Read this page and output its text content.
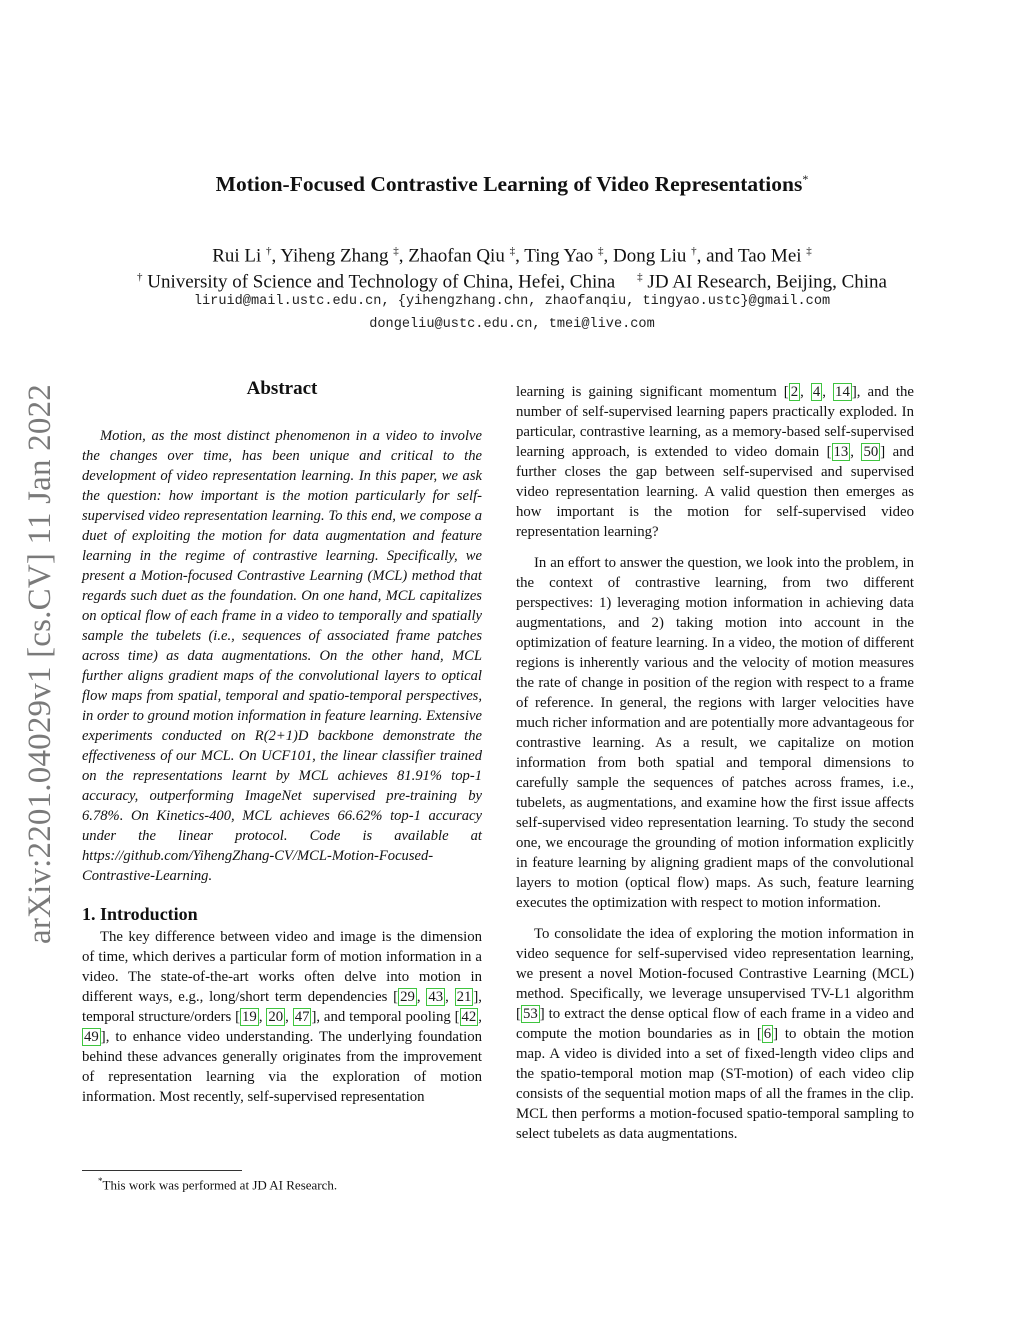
arXiv:2201.04029v1 [cs.CV] 11 Jan 2022
Motion-Focused Contrastive Learning of Video Representations*
Rui Li †, Yiheng Zhang ‡, Zhaofan Qiu ‡, Ting Yao ‡, Dong Liu †, and Tao Mei ‡
† University of Science and Technology of China, Hefei, China ‡ JD AI Research, Beijing, China
liruid@mail.ustc.edu.cn, {yihengzhang.chn, zhaofanqiu, tingyao.ustc}@gmail.com
dongeliu@ustc.edu.cn, tmei@live.com
Abstract

Motion, as the most distinct phenomenon in a video to involve the changes over time, has been unique and critical to the development of video representation learning. In this paper, we ask the question: how important is the motion particularly for self-supervised video representation learning. To this end, we compose a duet of exploiting the motion for data augmentation and feature learning in the regime of contrastive learning. Specifically, we present a Motion-focused Contrastive Learning (MCL) method that regards such duet as the foundation. On one hand, MCL capitalizes on optical flow of each frame in a video to temporally and spatially sample the tubelets (i.e., sequences of associated frame patches across time) as data augmentations. On the other hand, MCL further aligns gradient maps of the convolutional layers to optical flow maps from spatial, temporal and spatio-temporal perspectives, in order to ground motion information in feature learning. Extensive experiments conducted on R(2+1)D backbone demonstrate the effectiveness of our MCL. On UCF101, the linear classifier trained on the representations learnt by MCL achieves 81.91% top-1 accuracy, outperforming ImageNet supervised pre-training by 6.78%. On Kinetics-400, MCL achieves 66.62% top-1 accuracy under the linear protocol. Code is available at https://github.com/YihengZhang-CV/MCL-Motion-Focused-Contrastive-Learning.

1. Introduction

The key difference between video and image is the dimension of time, which derives a particular form of motion information in a video. The state-of-the-art works often delve into motion in different ways, e.g., long/short term dependencies [ 29 , 43 , 21 ], temporal structure/orders [ 19 , 20 , 47 ], and temporal pooling [ 42 , 49 ], to enhance video understanding. The underlying foundation behind these advances generally originates from the improvement of representation learning via the exploration of motion information. Most recently, self-supervised representation

learning is gaining significant momentum [ 2 , 4 , 14 ], and the number of self-supervised learning papers practically exploded. In particular, contrastive learning, as a memory-based self-supervised learning approach, is extended to video domain [ 13 , 50 ] and further closes the gap between self-supervised and supervised video representation learning. A valid question then emerges as how important is the motion for self-supervised video representation learning?

In an effort to answer the question, we look into the problem, in the context of contrastive learning, from two different perspectives: 1) leveraging motion information in achieving data augmentations, and 2) taking motion into account in the optimization of feature learning. In a video, the motion of different regions is inherently various and the velocity of motion measures the rate of change in position of the region with respect to a frame of reference. In general, the regions with larger velocities have much richer information and are potentially more advantageous for contrastive learning. As a result, we capitalize on motion information from both spatial and temporal dimensions to carefully sample the sequences of patches across frames, i.e., tubelets, as augmentations, and examine how the first issue affects self-supervised video representation learning. To study the second one, we encourage the grounding of motion information explicitly in feature learning by aligning gradient maps of the convolutional layers to motion (optical flow) maps. As such, feature learning executes the optimization with respect to motion information.

To consolidate the idea of exploring the motion information in video sequence for self-supervised video representation learning, we present a novel Motion-focused Contrastive Learning (MCL) method. Specifically, we leverage unsupervised TV-L1 algorithm [ 53 ] to extract the dense optical flow of each frame in a video and compute the motion boundaries as in [ 6 ] to obtain the motion map. A video is divided into a set of fixed-length video clips and the spatio-temporal motion map (ST-motion) of each video clip consists of the sequential motion maps of all the frames in the clip. MCL then performs a motion-focused spatio-temporal sampling to select tubelets as data augmentations.

*This work was performed at JD AI Research.
